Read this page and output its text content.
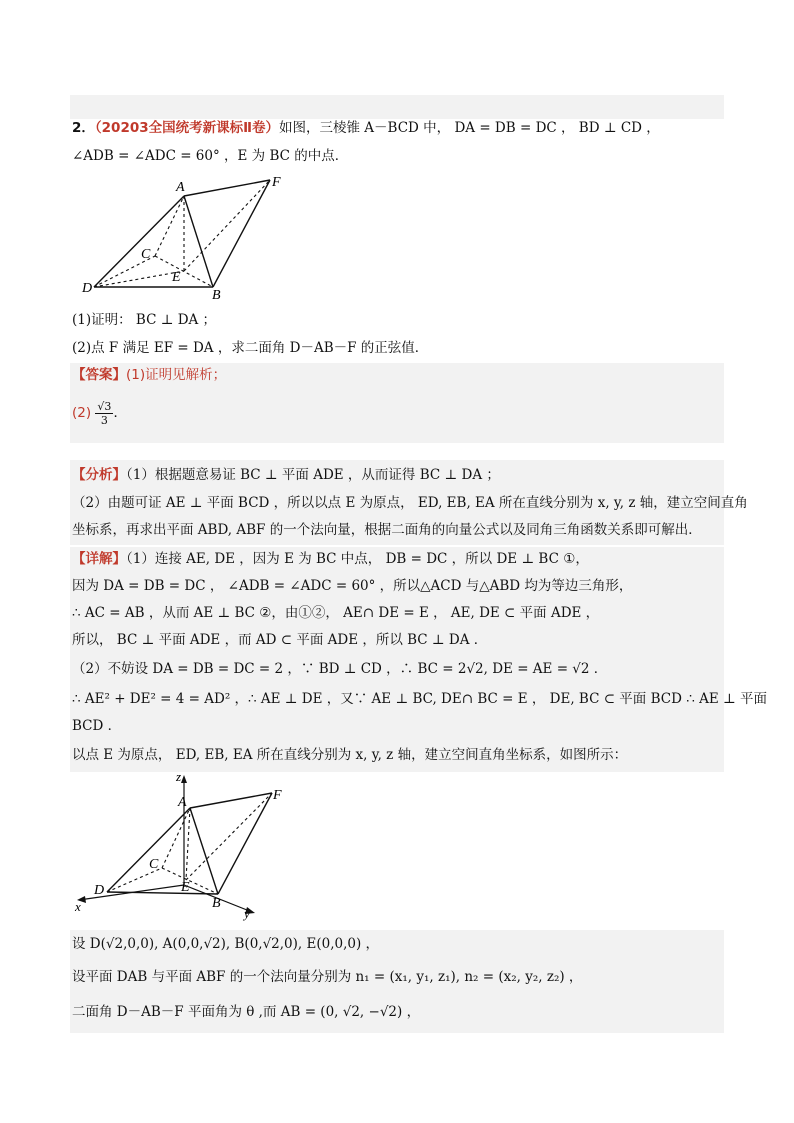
2．（20203全国统考新课标Ⅱ卷）如图，三棱锥 A－BCD 中， DA = DB = DC ， BD ⊥ CD ，
∠ADB = ∠ADC = 60° ，E 为 BC 的中点．
A	F
C
E
D	B
(1)证明： BC ⊥ DA ；
(2)点 F 满足 EF = DA ，求二面角 D－AB－F 的正弦值．
【答案】(1)证明见解析；
$(2) \frac{√3}{3}$ ．
【分析】（1）根据题意易证 BC ⊥ 平面 ADE ，从而证得 BC ⊥ DA ；
（2）由题可证 AE ⊥ 平面 BCD ，所以以点 E 为原点， ED, EB, EA 所在直线分别为 x, y, z 轴，建立空间直角
坐标系，再求出平面 ABD, ABF 的一个法向量，根据二面角的向量公式以及同角三角函数关系即可解出．
【详解】（1）连接 AE, DE ，因为 E 为 BC 中点， DB = DC ，所以 DE ⊥ BC ①，
因为 DA = DB = DC ， ∠ADB = ∠ADC = 60° ，所以△ACD 与△ABD 均为等边三角形，
∴ AC = AB ，从而 AE ⊥ BC ②，由①②， AE∩ DE = E ， AE, DE ⊂ 平面 ADE ，
所以， BC ⊥ 平面 ADE ，而 AD ⊂ 平面 ADE ，所以 BC ⊥ DA ．
（2）不妨设 DA = DB = DC = 2 ，∵ BD ⊥ CD ，∴ BC = 2√2, DE = AE = √2 ．
∴ AE² + DE² = 4 = AD² ，∴ AE ⊥ DE ，又∵ AE ⊥ BC, DE∩ BC = E ， DE, BC ⊂ 平面 BCD ∴ AE ⊥ 平面
BCD ．
以点 E 为原点， ED, EB, EA 所在直线分别为 x, y, z 轴，建立空间直角坐标系，如图所示：
z
A	F
C
E
D
B
x	y
设 D(√2,0,0), A(0,0,√2), B(0,√2,0), E(0,0,0) ，
设平面 DAB 与平面 ABF 的一个法向量分别为 n₁ = (x₁, y₁, z₁), n₂ = (x₂, y₂, z₂) ，
二面角 D－AB－F 平面角为 θ ,而 AB = (0, √2, −√2) ，
